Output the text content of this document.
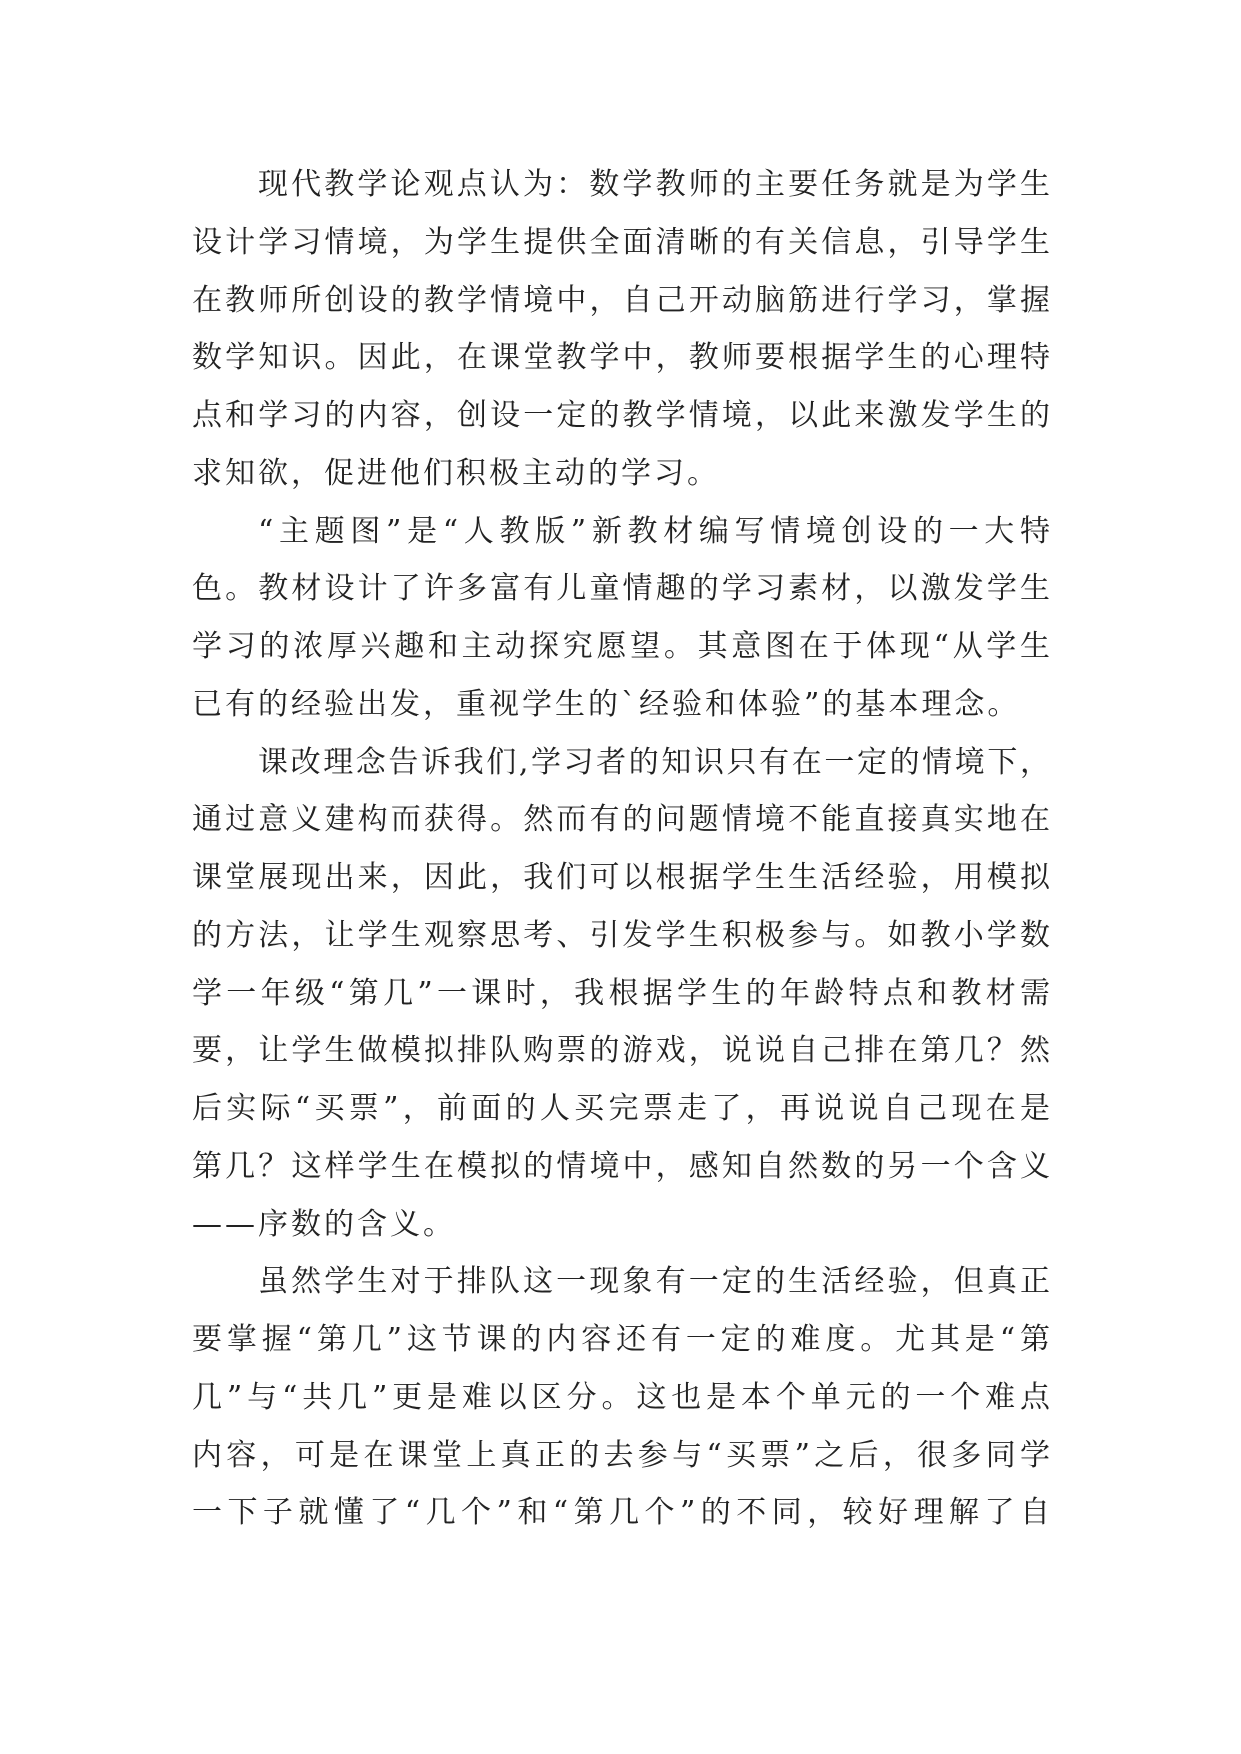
现代教学论观点认为：数学教师的主要任务就是为学生
设计学习情境，为学生提供全面清晰的有关信息，引导学生
在教师所创设的教学情境中，自己开动脑筋进行学习，掌握
数学知识。因此，在课堂教学中，教师要根据学生的心理特
点和学习的内容，创设一定的教学情境，以此来激发学生的
求知欲，促进他们积极主动的学习。
“主题图”是“人教版”新教材编写情境创设的一大特
色。教材设计了许多富有儿童情趣的学习素材，以激发学生
学习的浓厚兴趣和主动探究愿望。其意图在于体现“从学生
已有的经验出发，重视学生的`经验和体验”的基本理念。
课改理念告诉我们,学习者的知识只有在一定的情境下，
通过意义建构而获得。然而有的问题情境不能直接真实地在
课堂展现出来，因此，我们可以根据学生生活经验，用模拟
的方法，让学生观察思考、引发学生积极参与。如教小学数
学一年级“第几”一课时，我根据学生的年龄特点和教材需
要，让学生做模拟排队购票的游戏，说说自己排在第几？然
后实际“买票”，前面的人买完票走了，再说说自己现在是
第几？这样学生在模拟的情境中，感知自然数的另一个含义
——序数的含义。
虽然学生对于排队这一现象有一定的生活经验，但真正
要掌握“第几”这节课的内容还有一定的难度。尤其是“第
几”与“共几”更是难以区分。这也是本个单元的一个难点
内容，可是在课堂上真正的去参与“买票”之后，很多同学
一下子就懂了“几个”和“第几个”的不同，较好理解了自
